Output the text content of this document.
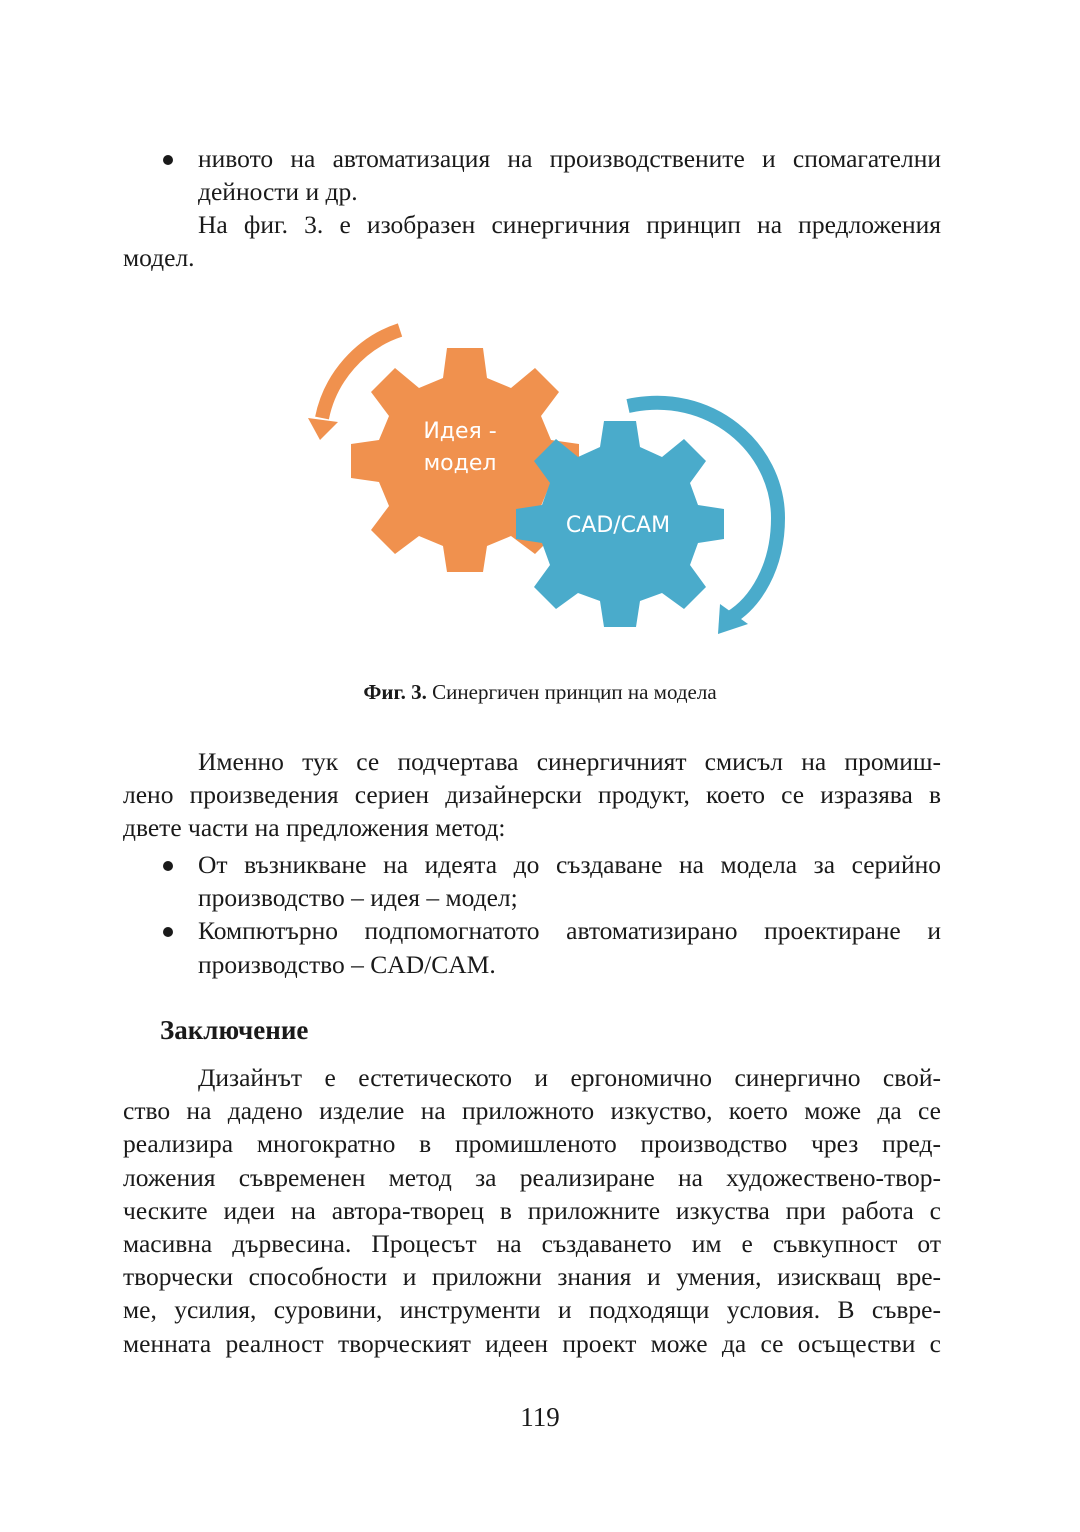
нивото на автоматизация на производствените и спомагателни
дейности и др.
На фиг. 3. е изобразен синергичния принцип на предложения
модел.
Идея -
модел
CAD/CAM
Фиг. 3. Синергичен принцип на модела
Именно тук се подчертава синергичният смисъл на промиш-
лено произведения сериен дизайнерски продукт, което се изразява в
двете части на предложения метод:
От възникване на идеята до създаване на модела за серийно
производство – идея – модел;
Компютърно подпомогнатото автоматизирано проектиране и
производство – CAD/CAM.
Заключение
Дизайнът е естетическото и ергономично синергично свой-
ство на дадено изделие на приложното изкуство, което може да се
реализира многократно в промишленото производство чрез пред-
ложения съвременен метод за реализиране на художествено-твор-
ческите идеи на автора-творец в приложните изкуства при работа с
масивна дървесина. Процесът на създаването им е съвкупност от
творчески способности и приложни знания и умения, изискващ вре-
ме, усилия, суровини, инструменти и подходящи условия. В съвре-
менната реалност творческият идеен проект може да се осъществи с
119
